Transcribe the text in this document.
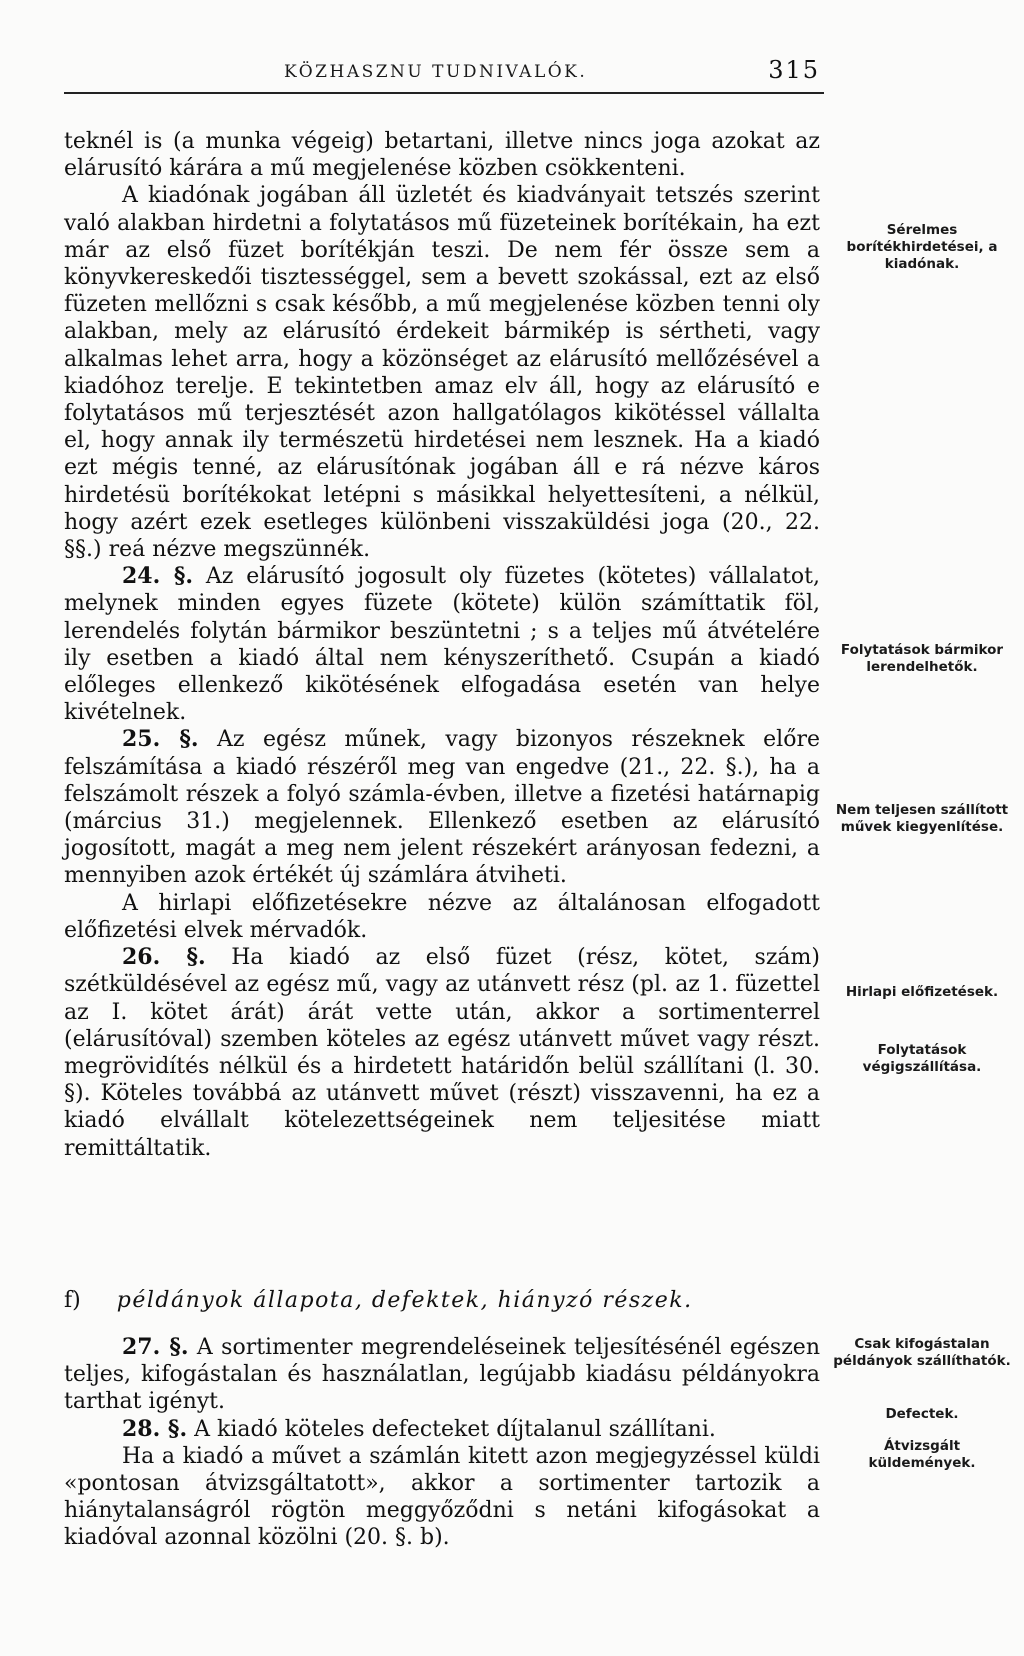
KÖZHASZNU TUDNIVALÓK.	315

teknél is (a munka végeig) betartani, illetve nincs joga azokat az elárusító kárára a mű megjelenése közben csökkenteni.

A kiadónak jogában áll üzletét és kiadványait tetszés szerint való alakban hirdetni a folytatásos mű füzeteinek borítékain, ha ezt már az első füzet borítékján teszi. De nem fér össze sem a könyvkereskedői tisztességgel, sem a bevett szokással, ezt az első füzeten mellőzni s csak később, a mű megjelenése közben tenni oly alakban, mely az elárusító érdekeit bármikép is sértheti, vagy alkalmas lehet arra, hogy a közönséget az elárusító mellőzésével a kiadóhoz terelje. E tekintetben amaz elv áll, hogy az elárusító e folytatásos mű terjesztését azon hallgatólagos kikötéssel vállalta el, hogy annak ily természetü hirdetései nem lesznek. Ha a kiadó ezt mégis tenné, az elárusítónak jogában áll e rá nézve káros hirdetésü borítékokat letépni s másikkal helyettesíteni, a nélkül, hogy azért ezek esetleges különbeni visszaküldési joga (20., 22. §§.) reá nézve megszünnék.

24. §. Az elárusító jogosult oly füzetes (kötetes) vállalatot, melynek minden egyes füzete (kötete) külön számíttatik föl, lerendelés folytán bármikor beszüntetni ; s a teljes mű átvételére ily esetben a kiadó által nem kényszeríthető. Csupán a kiadó előleges ellenkező kikötésének elfogadása esetén van helye kivételnek.

25. §. Az egész műnek, vagy bizonyos részeknek előre felszámítása a kiadó részéről meg van engedve (21., 22. §.), ha a felszámolt részek a folyó számla-évben, illetve a fizetési határnapig (március 31.) megjelennek. Ellenkező esetben az elárusító jogosított, magát a meg nem jelent részekért arányosan fedezni, a mennyiben azok értékét új számlára átviheti.

A hirlapi előfizetésekre nézve az általánosan elfogadott előfizetési elvek mérvadók.

26. §. Ha kiadó az első füzet (rész, kötet, szám) szétküldésével az egész mű, vagy az utánvett rész (pl. az 1. füzettel az I. kötet árát) árát vette után, akkor a sortimenterrel (elárusítóval) szemben köteles az egész utánvett művet vagy részt. megrövidítés nélkül és a hirdetett határidőn belül szállítani (l. 30. §). Köteles továbbá az utánvett művet (részt) visszavenni, ha ez a kiadó elvállalt kötelezettségeinek nem teljesitése miatt remittáltatik.

f) példányok állapota, defektek, hiányzó részek.

27. §. A sortimenter megrendeléseinek teljesítésénél egészen teljes, kifogástalan és használatlan, legújabb kiadásu példányokra tarthat igényt.

28. §. A kiadó köteles defecteket díjtalanul szállítani.

Ha a kiadó a művet a számlán kitett azon megjegyzéssel küldi «pontosan átvizsgáltatott», akkor a sortimenter tartozik a hiánytalanságról rögtön meggyőződni s netáni kifogásokat a kiadóval azonnal közölni (20. §. b).

Sérelmes borítékhirdetései, a kiadónak.
Folytatások bármikor lerendelhetők.
Nem teljesen szállított művek kiegyenlítése.
Hirlapi előfizetések.
Folytatások végigszállítása.
Csak kifogástalan példányok szállíthatók.
Defectek.
Átvizsgált küldemények.
